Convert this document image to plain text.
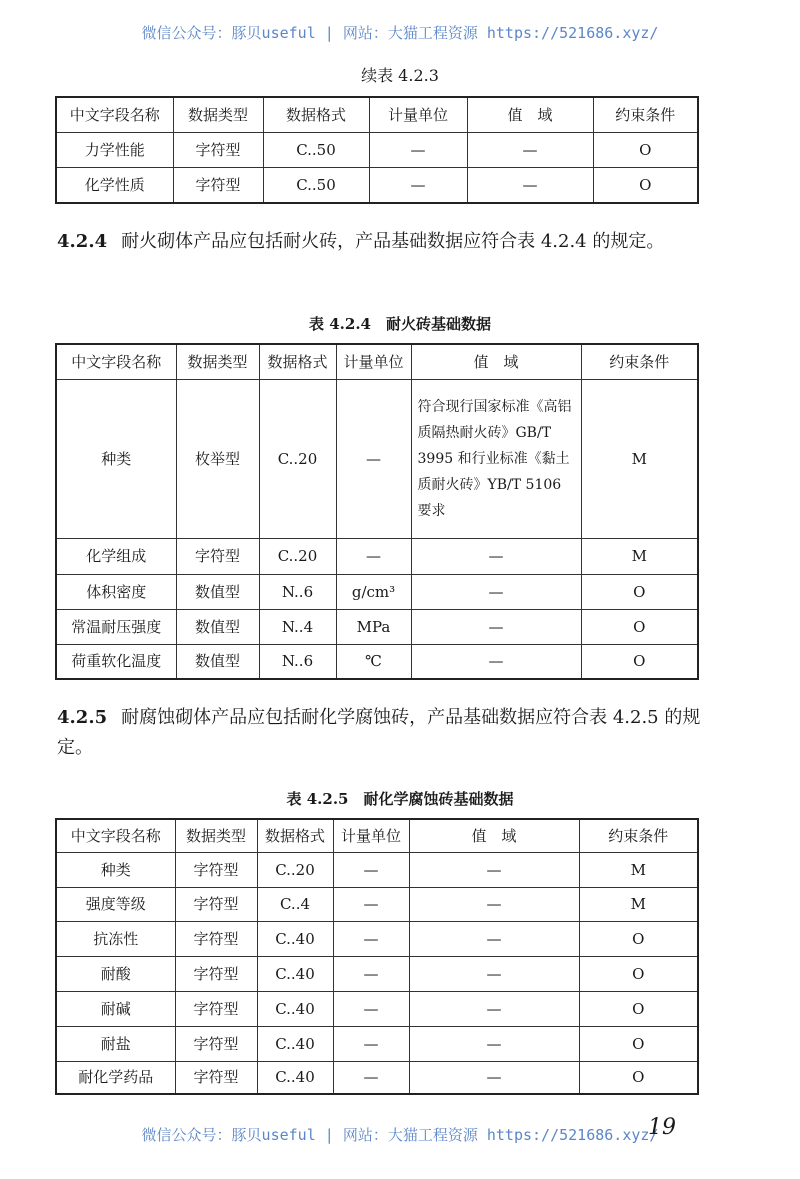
微信公众号：豚贝useful | 网站：大猫工程资源 https://521686.xyz/
续表 4.2.3
中文字段名称	数据类型	数据格式	计量单位	值　域	约束条件
力学性能	字符型	C..50	—	—	O
化学性质	字符型	C..50	—	—	O
4.2.4 耐火砌体产品应包括耐火砖，产品基础数据应符合表 4.2.4 的规定。
表 4.2.4　耐火砖基础数据
中文字段名称	数据类型	数据格式	计量单位	值　域	约束条件
种类	枚举型	C..20	—	符合现行国家标准《高铝质隔热耐火砖》GB/T 3995 和行业标准《黏土质耐火砖》YB/T 5106 要求	M
化学组成	字符型	C..20	—	—	M
体积密度	数值型	N..6	g/cm³	—	O
常温耐压强度	数值型	N..4	MPa	—	O
荷重软化温度	数值型	N..6	℃	—	O
4.2.5 耐腐蚀砌体产品应包括耐化学腐蚀砖，产品基础数据应符合表 4.2.5 的规定。
表 4.2.5　耐化学腐蚀砖基础数据
中文字段名称	数据类型	数据格式	计量单位	值　域	约束条件
种类	字符型	C..20	—	—	M
强度等级	字符型	C..4	—	—	M
抗冻性	字符型	C..40	—	—	O
耐酸	字符型	C..40	—	—	O
耐碱	字符型	C..40	—	—	O
耐盐	字符型	C..40	—	—	O
耐化学药品	字符型	C..40	—	—	O
微信公众号：豚贝useful | 网站：大猫工程资源 https://521686.xyz/
19
